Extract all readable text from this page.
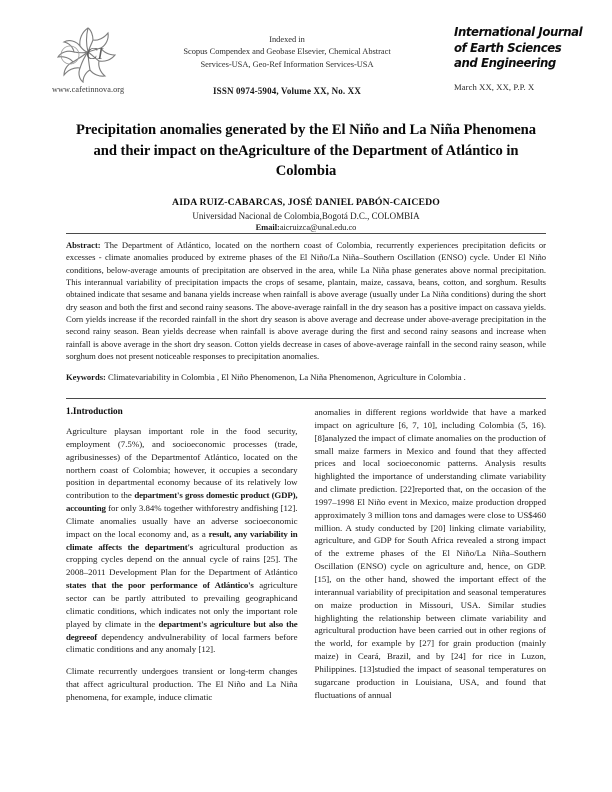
CI
www.cafetinnova.org
Indexed in
Scopus Compendex and Geobase Elsevier, Chemical Abstract
Services-USA, Geo-Ref Information Services-USA
ISSN 0974-5904, Volume XX, No. XX
International Journal
of Earth Sciences
and Engineering
March XX, XX, P.P. X
Precipitation anomalies generated by the El Niño and La Niña Phenomena and their impact on theAgriculture of the Department of Atlántico in Colombia
AIDA RUIZ-CABARCAS, JOSÉ DANIEL PABÓN-CAICEDO
Universidad Nacional de Colombia,Bogotá D.C., COLOMBIA
Email:aicruizca@unal.edu.co

Abstract: The Department of Atlántico, located on the northern coast of Colombia, recurrently experiences precipitation deficits or excesses - climate anomalies produced by extreme phases of the El Niño/La Niña–Southern Oscillation (ENSO) cycle. Under El Niño conditions, below-average amounts of precipitation are observed in the area, while La Niña phase generates above normal precipitation. This interannual variability of precipitation impacts the crops of sesame, plantain, maize, cassava, beans, cotton, and sorghum. Results obtained indicate that sesame and banana yields increase when rainfall is above average (usually under La Niña conditions) during the short dry season and both the first and second rainy seasons. The above-average rainfall in the dry season has a positive impact on cassava yields. Corn yields increase if the recorded rainfall in the short dry season is above average and decrease under above-average precipitation in the second rainy season. Bean yields decrease when rainfall is above average during the first and second rainy seasons and increase when rainfall is above average in the short dry season. Cotton yields decrease in cases of above-average rainfall in the second rainy season, while sorghum does not present noticeable responses to precipitation anomalies.

Keywords: Climatevariability in Colombia , El Niño Phenomenon, La Niña Phenomenon, Agriculture in Colombia .

1.Introduction

Agriculture playsan important role in the food security, employment (7.5%), and socioeconomic processes (trade, agribusinesses) of the Departmentof Atlántico, located on the northern coast of Colombia; however, it occupies a secondary position in departmental economy because of its relatively low contribution to the department's gross domestic product (GDP), accounting for only 3.84% together withforestry andfishing [12]. Climate anomalies usually have an adverse socioeconomic impact on the local economy and, as a result, any variability in climate affects the department's agricultural production as cropping cycles depend on the annual cycle of rains [25]. The 2008–2011 Development Plan for the Department of Atlántico states that the poor performance of Atlántico's agriculture sector can be partly attributed to prevailing geographicand climatic conditions, which indicates not only the important role played by climate in the department's agriculture but also the degreeof dependency andvulnerability of local farmers before climatic conditions and any anomaly [12].

Climate recurrently undergoes transient or long-term changes that affect agricultural production. The El Niño and La Niña phenomena, for example, induce climatic

anomalies in different regions worldwide that have a marked impact on agriculture [6, 7, 10], including Colombia (5, 16). [8]analyzed the impact of climate anomalies on the production of small maize farmers in Mexico and found that they affected prices and local socioeconomic patterns. Analysis results highlighted the importance of understanding climate variability and climate prediction. [22]reported that, on the occasion of the 1997–1998 El Niño event in Mexico, maize production dropped approximately 3 million tons and damages were close to US$460 million. A study conducted by [20] linking climate variability, agriculture, and GDP for South Africa revealed a strong impact of the extreme phases of the El Niño/La Niña–Southern Oscillation (ENSO) cycle on agriculture and, hence, on GDP. [15], on the other hand, showed the important effect of the interannual variability of precipitation and seasonal temperatures on maize production in Missouri, USA. Similar studies highlighting the relationship between climate variability and agricultural production have been carried out in other regions of the world, for example by [27] for grain production (mainly maize) in Ceará, Brazil, and by [24] for rice in Luzon, Philippines. [13]studied the impact of seasonal temperatures on sugarcane production in Louisiana, USA, and found that fluctuations of annual
